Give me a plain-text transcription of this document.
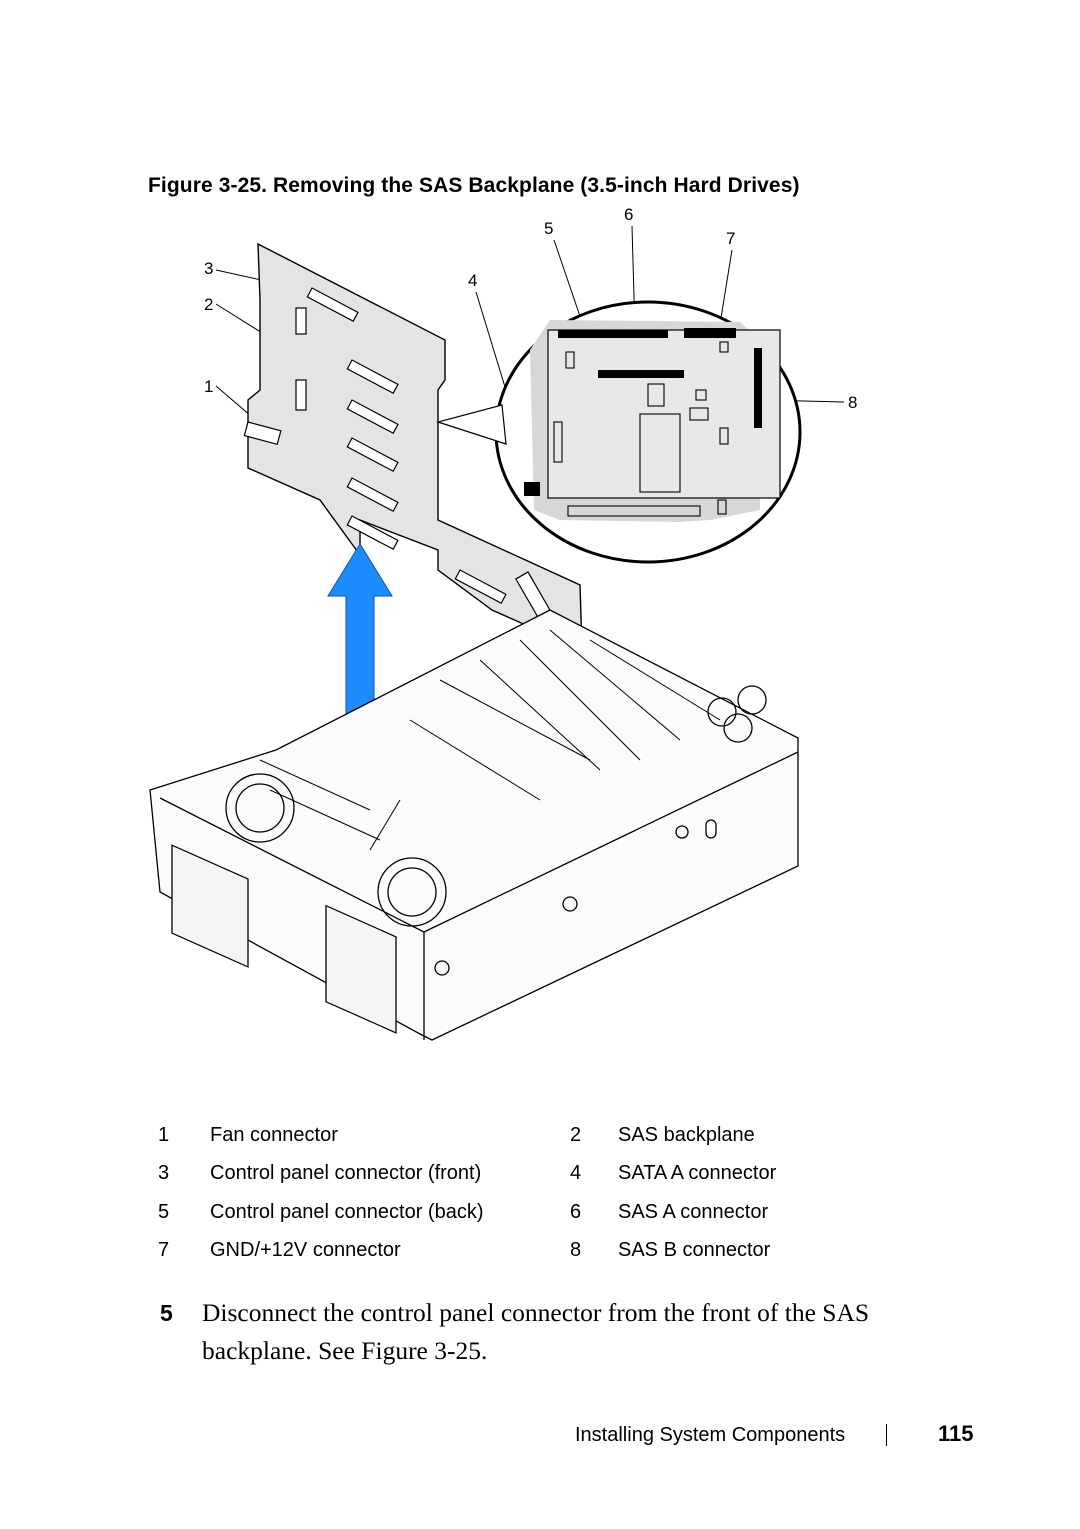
Figure 3-25. Removing the SAS Backplane (3.5-inch Hard Drives)
3
2
1
4
5
6
7
8
1	Fan connector	2	SAS backplane
3	Control panel connector (front)	4	SATA A connector
5	Control panel connector (back)	6	SAS A connector
7	GND/+12V connector	8	SAS B connector
5 Disconnect the control panel connector from the front of the SAS backplane. See Figure 3-25.
Installing System Components	115
